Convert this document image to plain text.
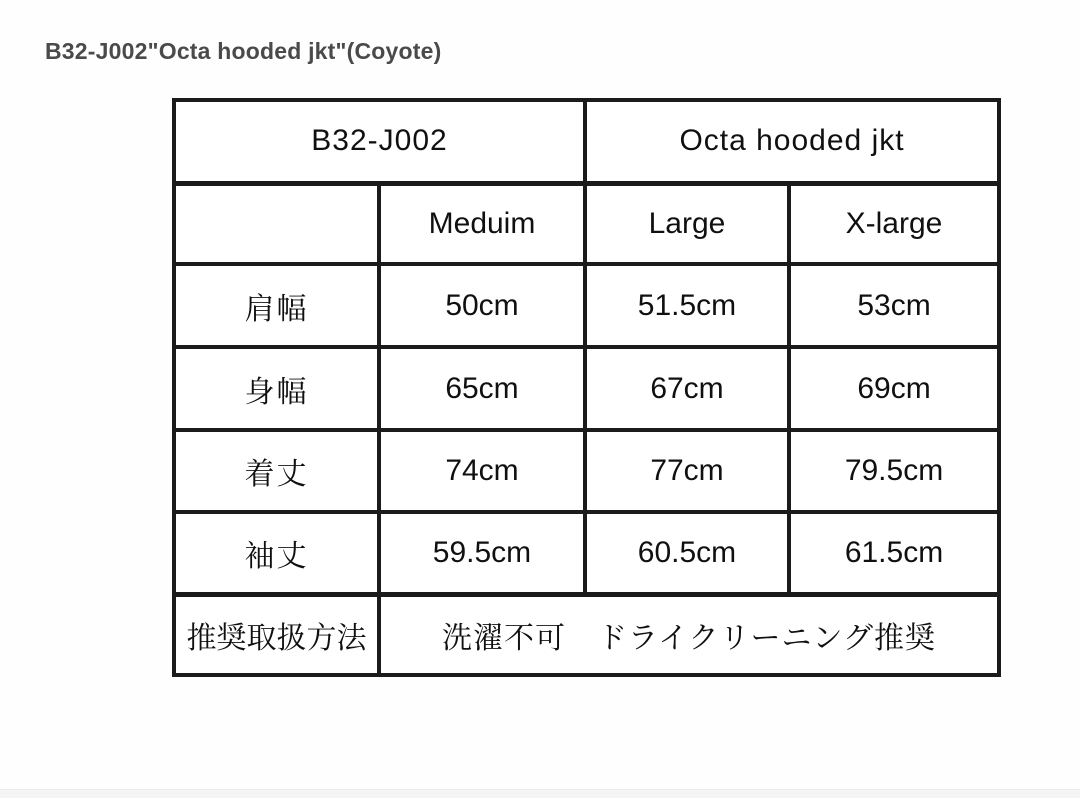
B32-J002"Octa hooded jkt"(Coyote)
B32-J002		Octa hooded jkt	
	Meduim	Large	X-large
肩幅	50cm	51.5cm	53cm
身幅	65cm	67cm	69cm
着丈	74cm	77cm	79.5cm
袖丈	59.5cm	60.5cm	61.5cm
推奨取扱方法	洗濯不可　ドライクリーニング推奨		
